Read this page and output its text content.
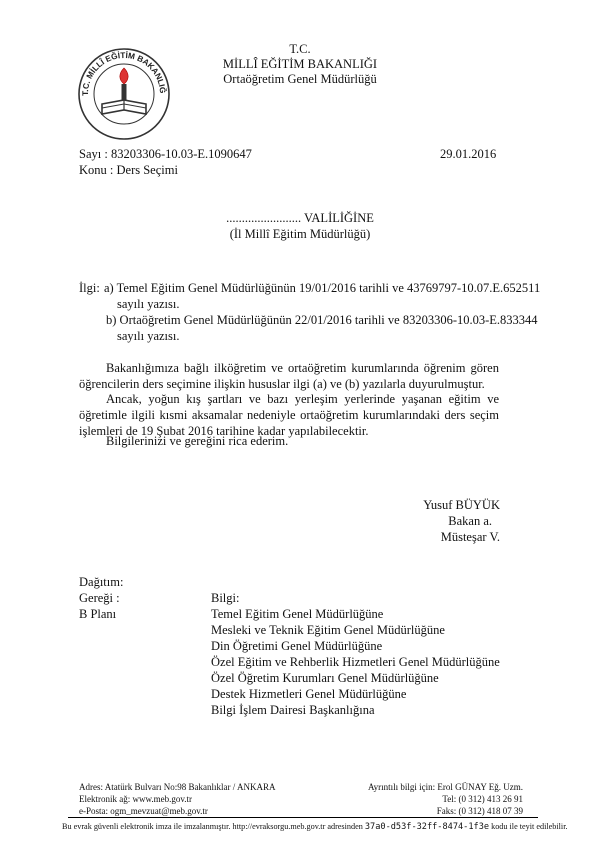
T.C. MİLLÎ EĞİTİM BAKANLIĞ
T.C.
MİLLÎ EĞİTİM BAKANLIĞI
Ortaöğretim Genel Müdürlüğü
Sayı : 83203306-10.03-E.1090647	29.01.2016
Konu : Ders Seçimi
........................ VALİLİĞİNE
(İl Millî Eğitim Müdürlüğü)
İlgi: a) Temel Eğitim Genel Müdürlüğünün 19/01/2016 tarihli ve 43769797-10.07.E.652511
sayılı yazısı.
b) Ortaöğretim Genel Müdürlüğünün 22/01/2016 tarihli ve 83203306-10.03-E.833344
sayılı yazısı.
Bakanlığımıza bağlı ilköğretim ve ortaöğretim kurumlarında öğrenim gören öğrencilerin ders seçimine ilişkin hususlar ilgi (a) ve (b) yazılarla duyurulmuştur.
Ancak, yoğun kış şartları ve bazı yerleşim yerlerinde yaşanan eğitim ve öğretimle ilgili kısmi aksamalar nedeniyle ortaöğretim kurumlarındaki ders seçim işlemleri de 19 Şubat 2016 tarihine kadar yapılabilecektir.
Bilgilerinizi ve gereğini rica ederim.
Yusuf BÜYÜK
Bakan a.
Müsteşar V.
Dağıtım:
Gereği :
B Planı
Bilgi:
Temel Eğitim Genel Müdürlüğüne
Mesleki ve Teknik Eğitim Genel Müdürlüğüne
Din Öğretimi Genel Müdürlüğüne
Özel Eğitim ve Rehberlik Hizmetleri Genel Müdürlüğüne
Özel Öğretim Kurumları Genel Müdürlüğüne
Destek Hizmetleri Genel Müdürlüğüne
Bilgi İşlem Dairesi Başkanlığına
Adres: Atatürk Bulvarı No:98 Bakanlıklar / ANKARA
Elektronik ağ: www.meb.gov.tr
e-Posta: ogm_mevzuat@meb.gov.tr
Ayrıntılı bilgi için: Erol GÜNAY Eğ. Uzm.
Tel: (0 312) 413 26 91
Faks: (0 312) 418 07 39
Bu evrak güvenli elektronik imza ile imzalanmıştır. http://evraksorgu.meb.gov.tr adresinden 37a0-d53f-32ff-8474-1f3e kodu ile teyit edilebilir.
